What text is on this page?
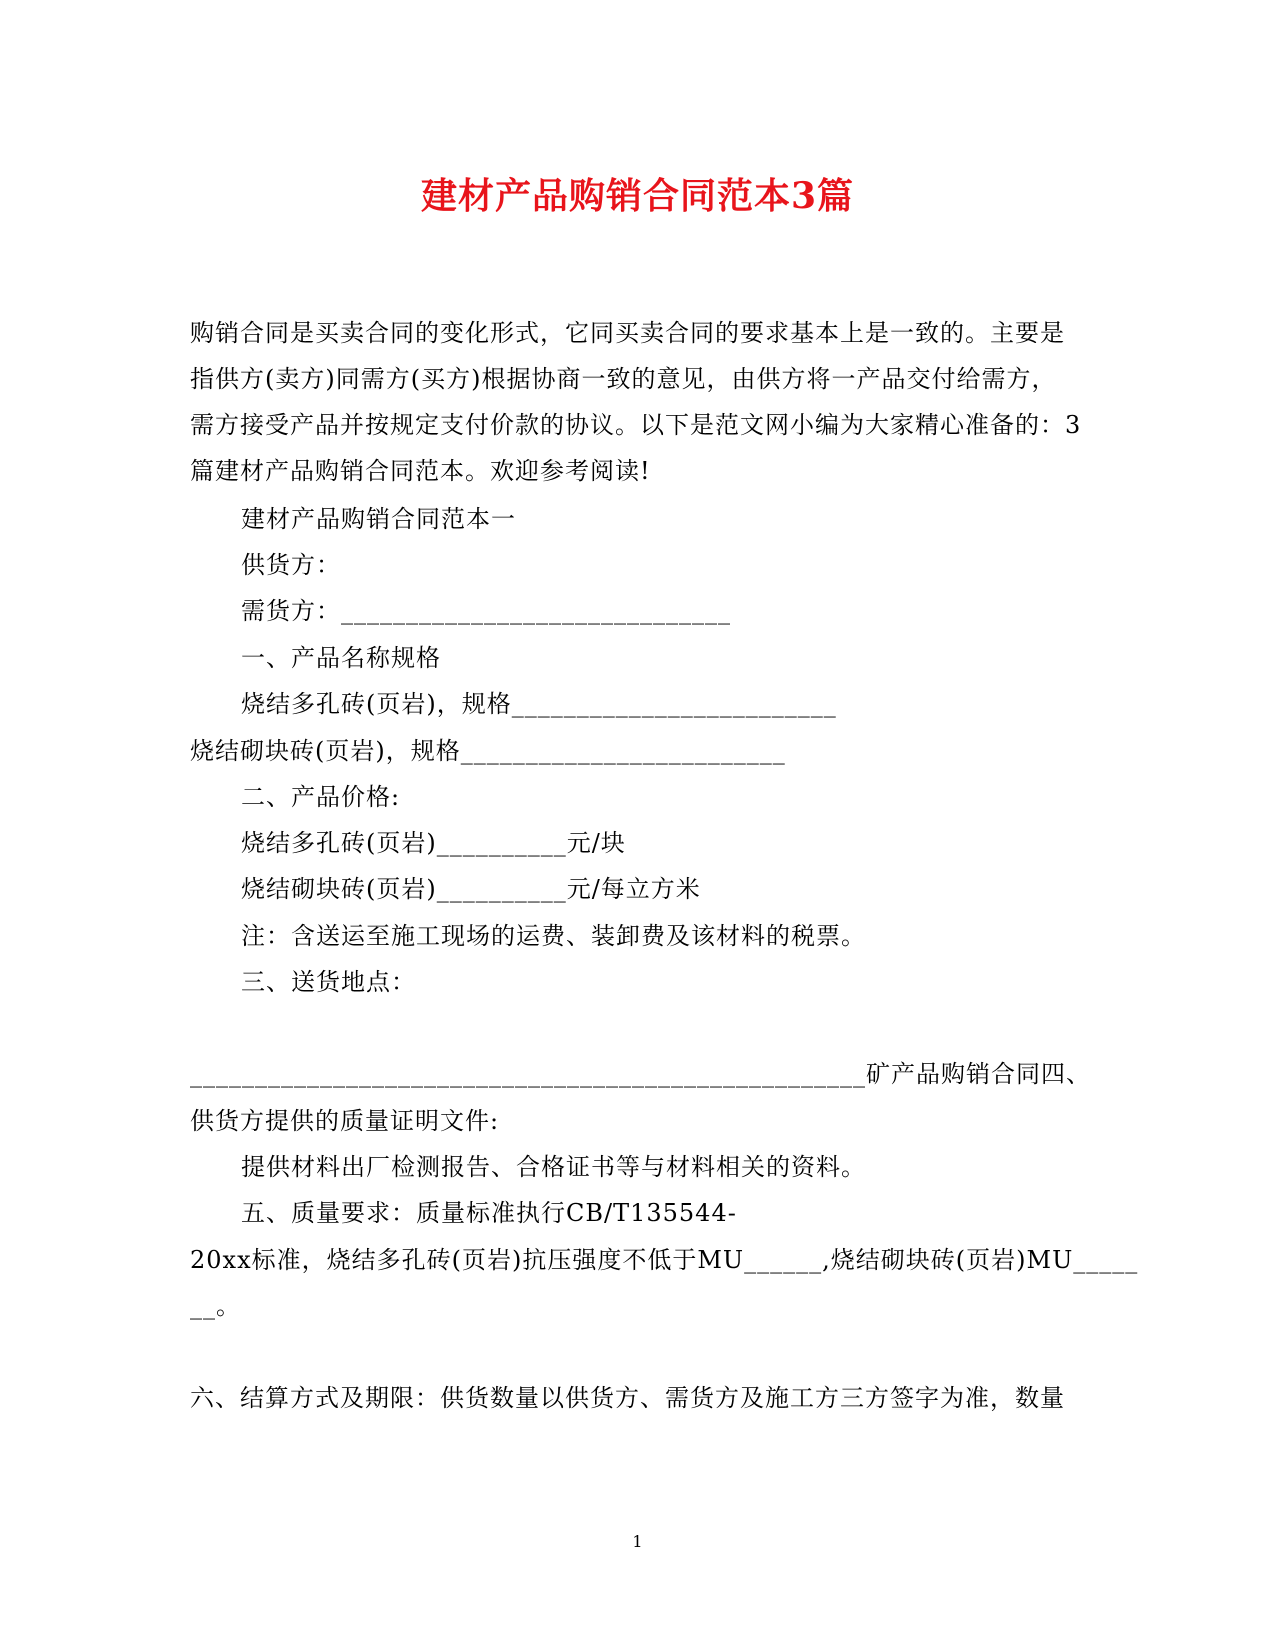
建材产品购销合同范本3篇
购销合同是买卖合同的变化形式，它同买卖合同的要求基本上是一致的。主要是
指供方(卖方)同需方(买方)根据协商一致的意见，由供方将一产品交付给需方，
需方接受产品并按规定支付价款的协议。以下是范文网小编为大家精心准备的：3
篇建材产品购销合同范本。欢迎参考阅读!
建材产品购销合同范本一
供货方：
需货方：______________________________
一、产品名称规格
烧结多孔砖(页岩)，规格_________________________
烧结砌块砖(页岩)，规格_________________________
二、产品价格:
烧结多孔砖(页岩)__________元/块
烧结砌块砖(页岩)__________元/每立方米
注：含送运至施工现场的运费、装卸费及该材料的税票。
三、送货地点：
____________________________________________________矿产品购销合同四、
供货方提供的质量证明文件:
提供材料出厂检测报告、合格证书等与材料相关的资料。
五、质量要求：质量标准执行CB/T135544-
20xx标准，烧结多孔砖(页岩)抗压强度不低于MU______,烧结砌块砖(页岩)MU_____
__。
六、结算方式及期限：供货数量以供货方、需货方及施工方三方签字为准，数量
1
